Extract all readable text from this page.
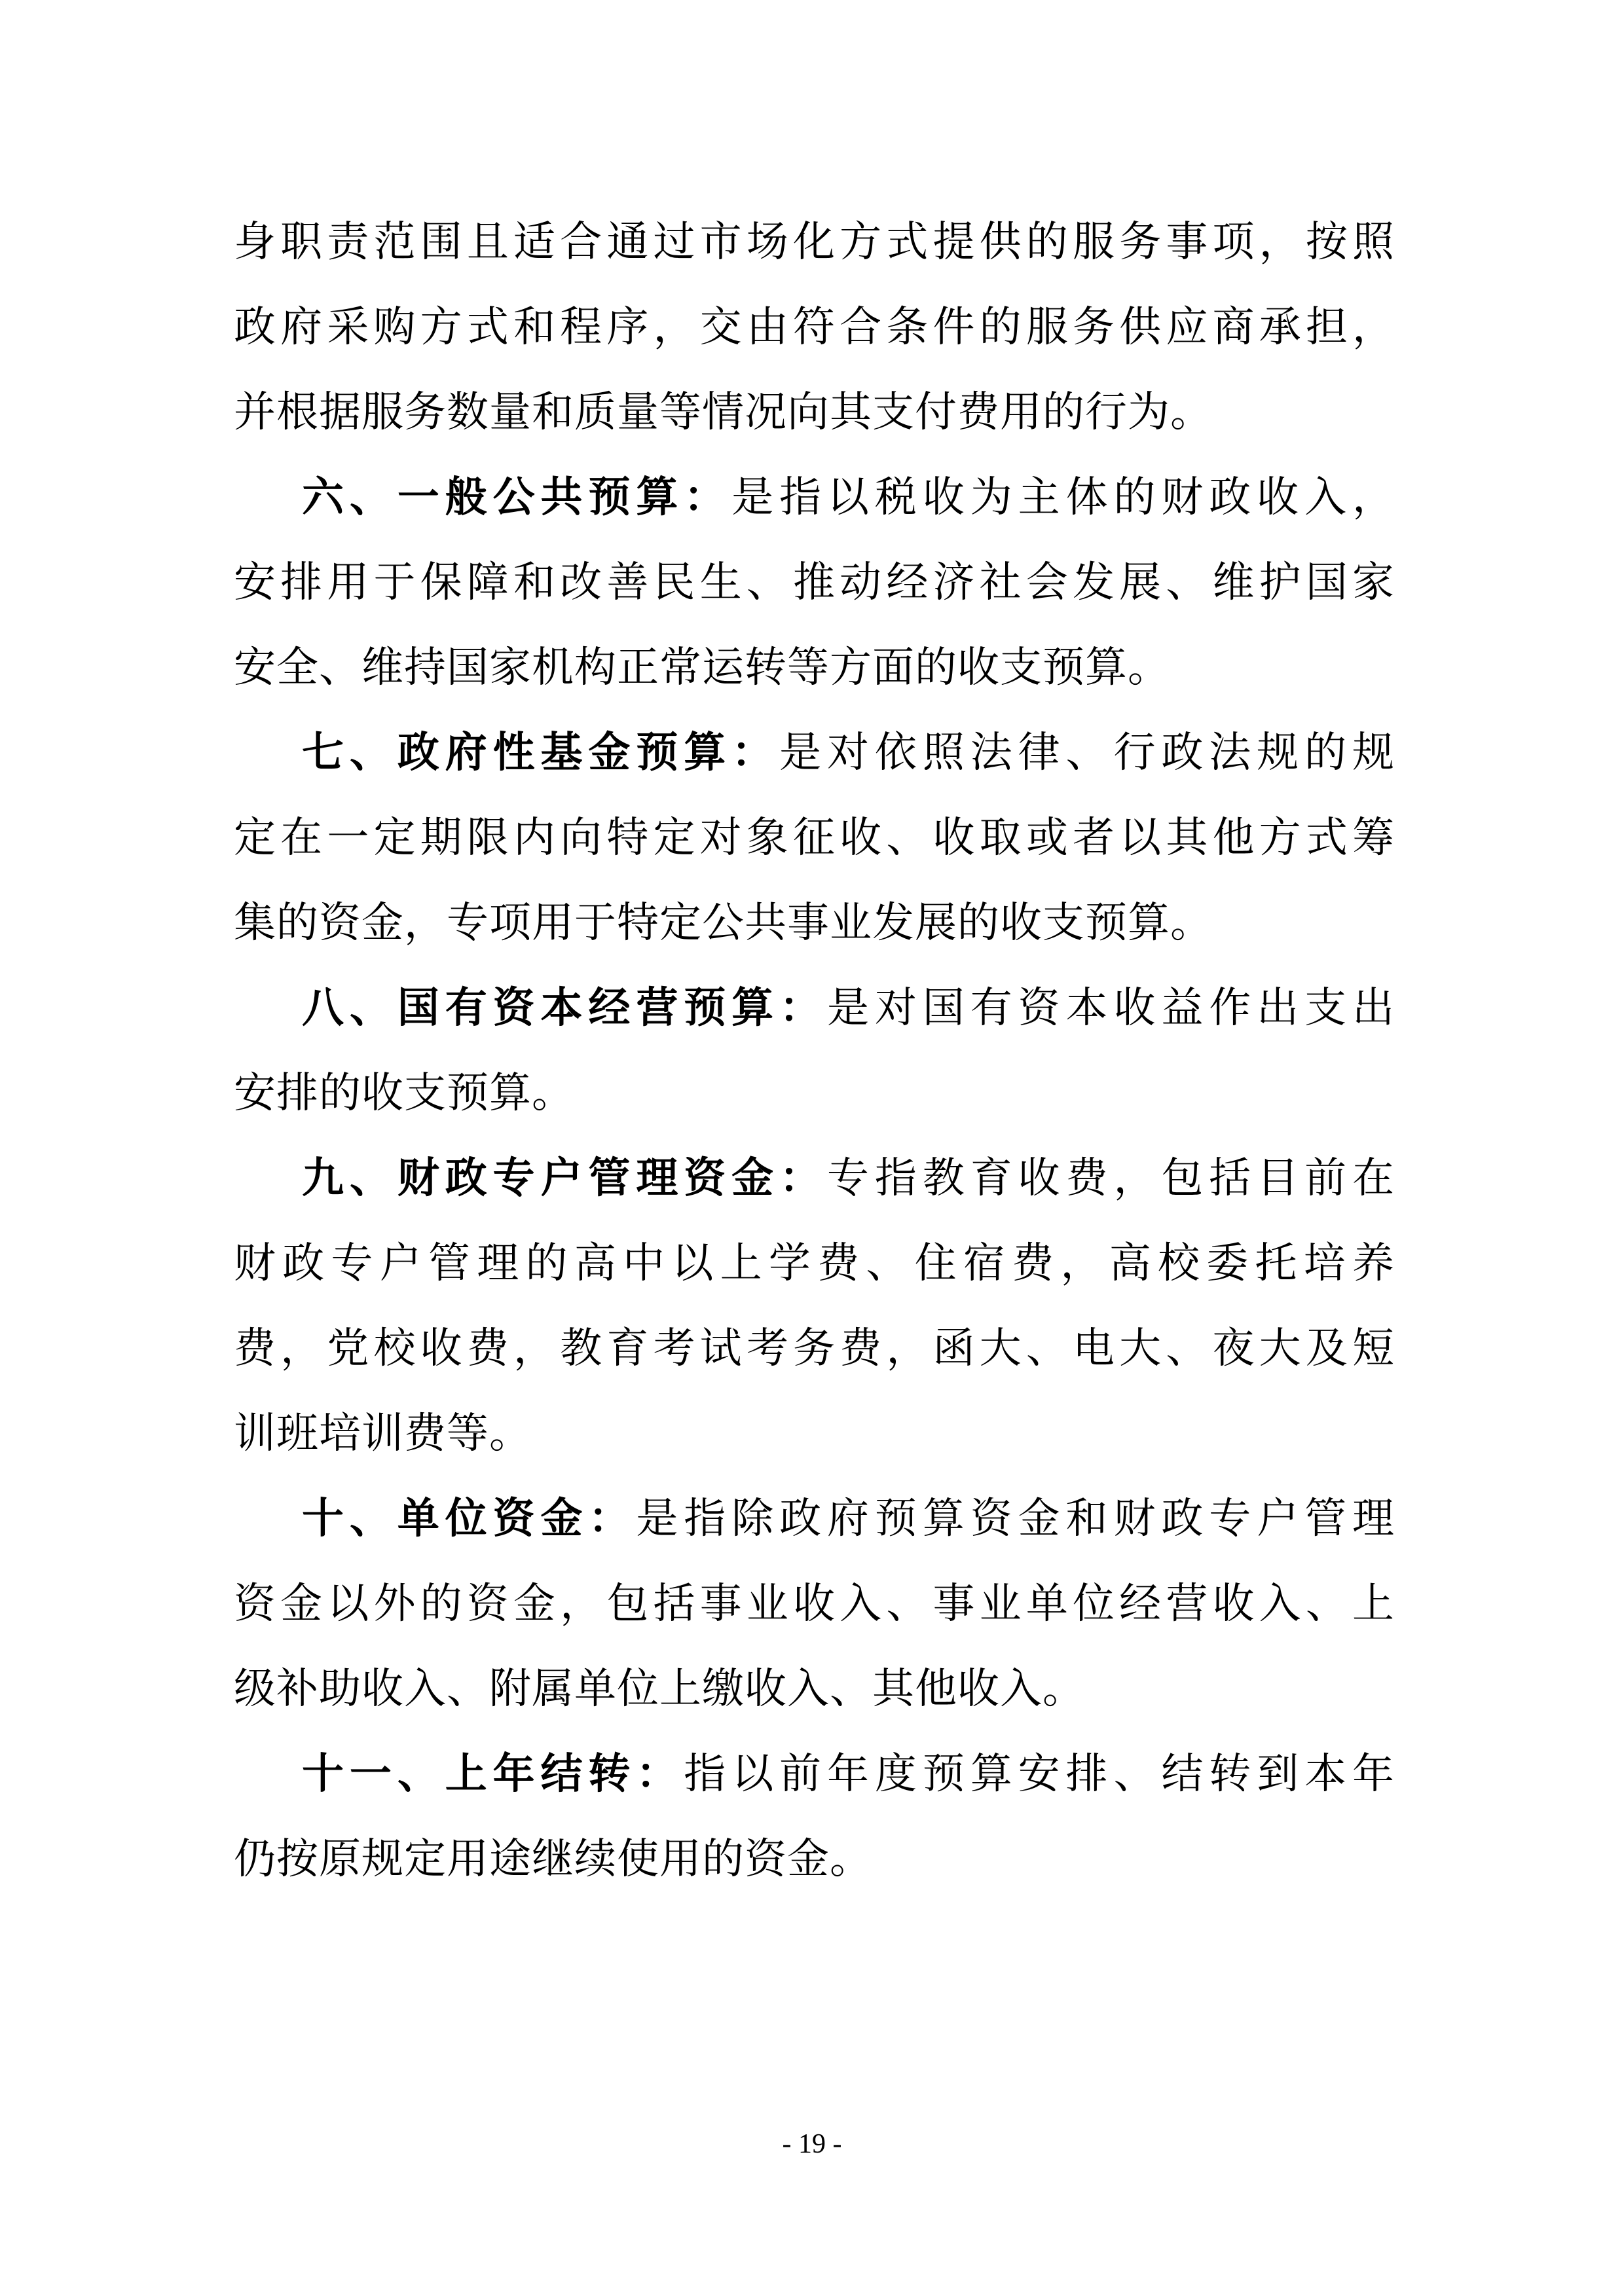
身职责范围且适合通过市场化方式提供的服务事项，按照
政府采购方式和程序，交由符合条件的服务供应商承担，
并根据服务数量和质量等情况向其支付费用的行为。
六、一般公共预算：是指以税收为主体的财政收入，
安排用于保障和改善民生、推动经济社会发展、维护国家
安全、维持国家机构正常运转等方面的收支预算。
七、政府性基金预算：是对依照法律、行政法规的规
定在一定期限内向特定对象征收、收取或者以其他方式筹
集的资金，专项用于特定公共事业发展的收支预算。
八、国有资本经营预算：是对国有资本收益作出支出
安排的收支预算。
九、财政专户管理资金：专指教育收费，包括目前在
财政专户管理的高中以上学费、住宿费，高校委托培养
费，党校收费，教育考试考务费，函大、电大、夜大及短
训班培训费等。
十、单位资金：是指除政府预算资金和财政专户管理
资金以外的资金，包括事业收入、事业单位经营收入、上
级补助收入、附属单位上缴收入、其他收入。
十一、上年结转：指以前年度预算安排、结转到本年
仍按原规定用途继续使用的资金。
- 19 -
